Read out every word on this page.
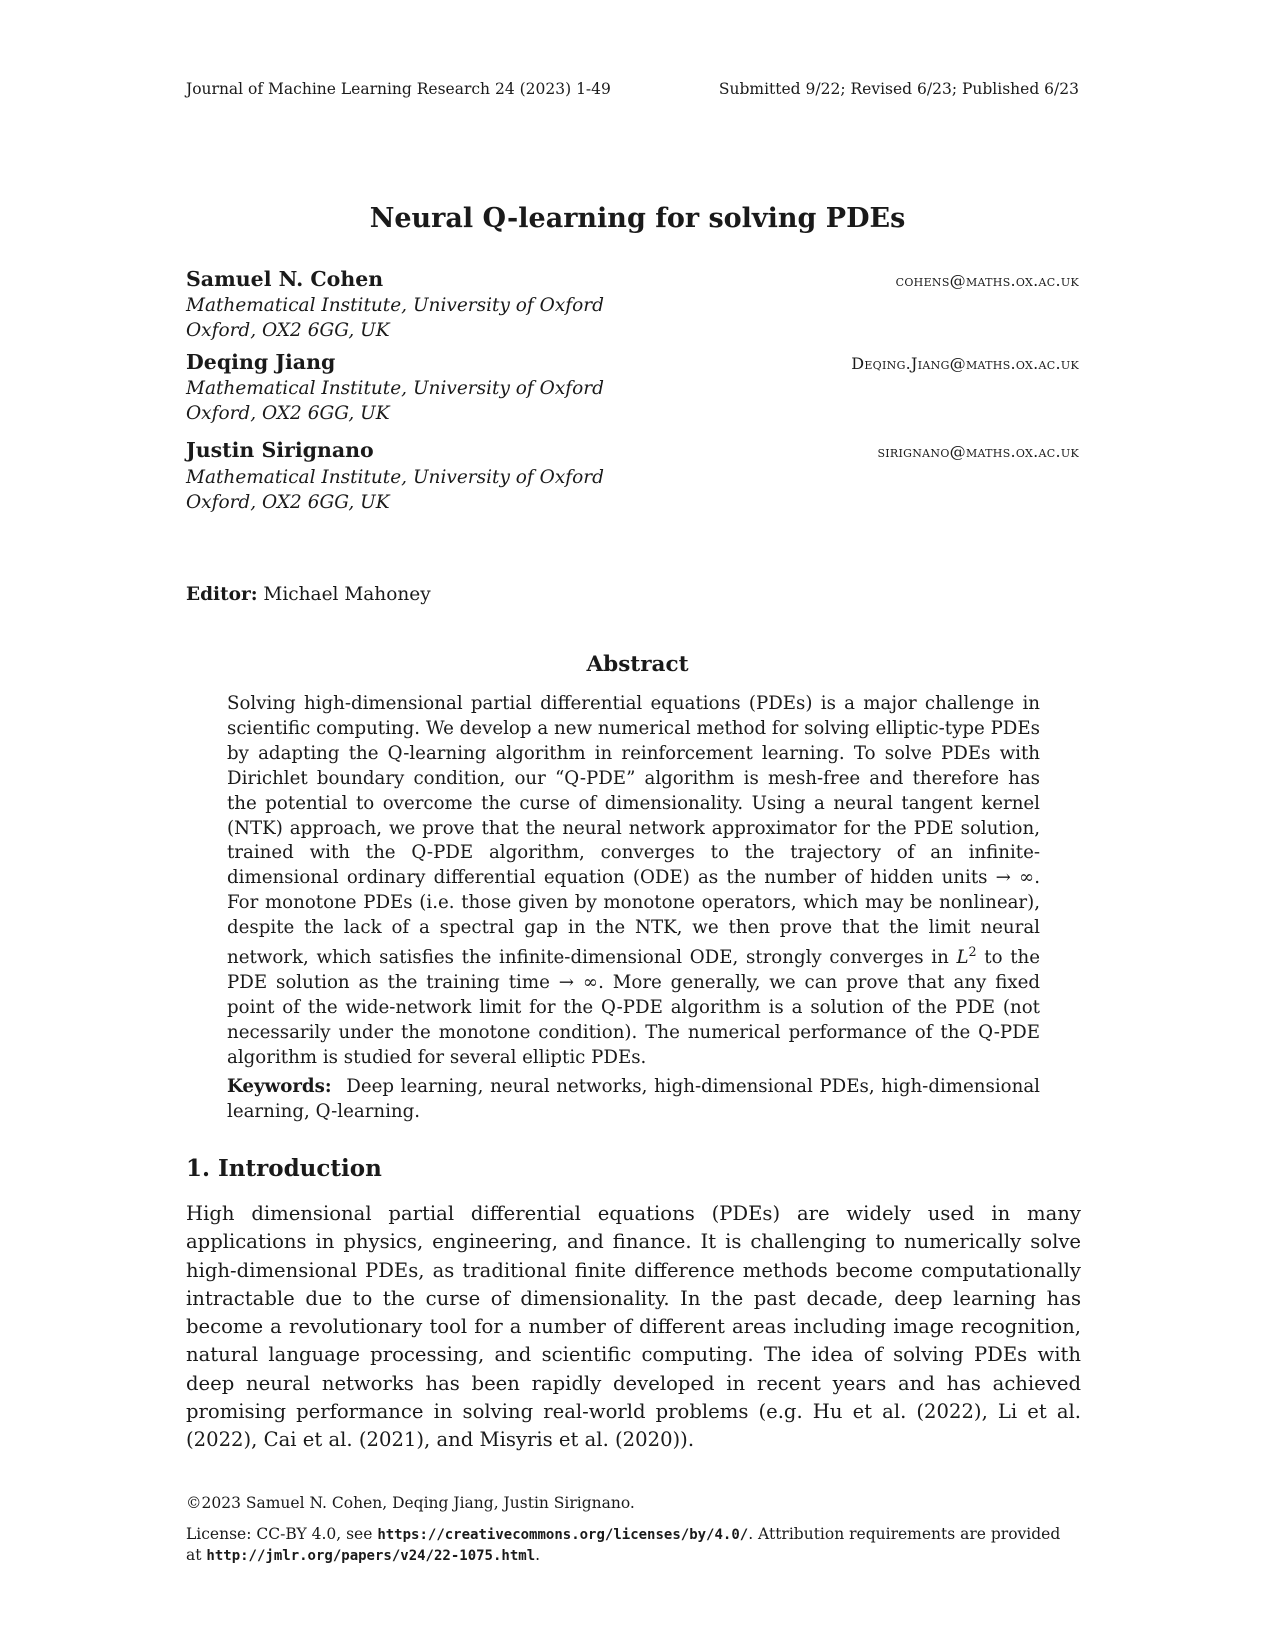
Journal of Machine Learning Research 24 (2023) 1-49	Submitted 9/22; Revised 6/23; Published 6/23
Neural Q-learning for solving PDEs
Samuel N. Cohen	cohens@maths.ox.ac.uk
Mathematical Institute, University of Oxford
Oxford, OX2 6GG, UK
Deqing Jiang	Deqing.Jiang@maths.ox.ac.uk
Mathematical Institute, University of Oxford
Oxford, OX2 6GG, UK
Justin Sirignano	sirignano@maths.ox.ac.uk
Mathematical Institute, University of Oxford
Oxford, OX2 6GG, UK
Editor: Michael Mahoney
Abstract
Solving high-dimensional partial differential equations (PDEs) is a major challenge in scientific computing. We develop a new numerical method for solving elliptic-type PDEs by adapting the Q-learning algorithm in reinforcement learning. To solve PDEs with Dirichlet boundary condition, our “Q-PDE” algorithm is mesh-free and therefore has the potential to overcome the curse of dimensionality. Using a neural tangent kernel (NTK) approach, we prove that the neural network approximator for the PDE solution, trained with the Q-PDE algorithm, converges to the trajectory of an infinite-dimensional ordinary differential equation (ODE) as the number of hidden units → ∞. For monotone PDEs (i.e. those given by monotone operators, which may be nonlinear), despite the lack of a spectral gap in the NTK, we then prove that the limit neural network, which satisfies the infinite-dimensional ODE, strongly converges in $L^2$ to the PDE solution as the training time → ∞. More generally, we can prove that any fixed point of the wide-network limit for the Q-PDE algorithm is a solution of the PDE (not necessarily under the monotone condition). The numerical performance of the Q-PDE algorithm is studied for several elliptic PDEs.
Keywords: Deep learning, neural networks, high-dimensional PDEs, high-dimensional learning, Q-learning.
1. Introduction
High dimensional partial differential equations (PDEs) are widely used in many applications in physics, engineering, and finance. It is challenging to numerically solve high-dimensional PDEs, as traditional finite difference methods become computationally intractable due to the curse of dimensionality. In the past decade, deep learning has become a revolutionary tool for a number of different areas including image recognition, natural language processing, and scientific computing. The idea of solving PDEs with deep neural networks has been rapidly developed in recent years and has achieved promising performance in solving real-world problems (e.g. Hu et al. (2022), Li et al. (2022), Cai et al. (2021), and Misyris et al. (2020)).
©2023 Samuel N. Cohen, Deqing Jiang, Justin Sirignano.
License: CC-BY 4.0, see https://creativecommons.org/licenses/by/4.0/. Attribution requirements are provided at http://jmlr.org/papers/v24/22-1075.html.
